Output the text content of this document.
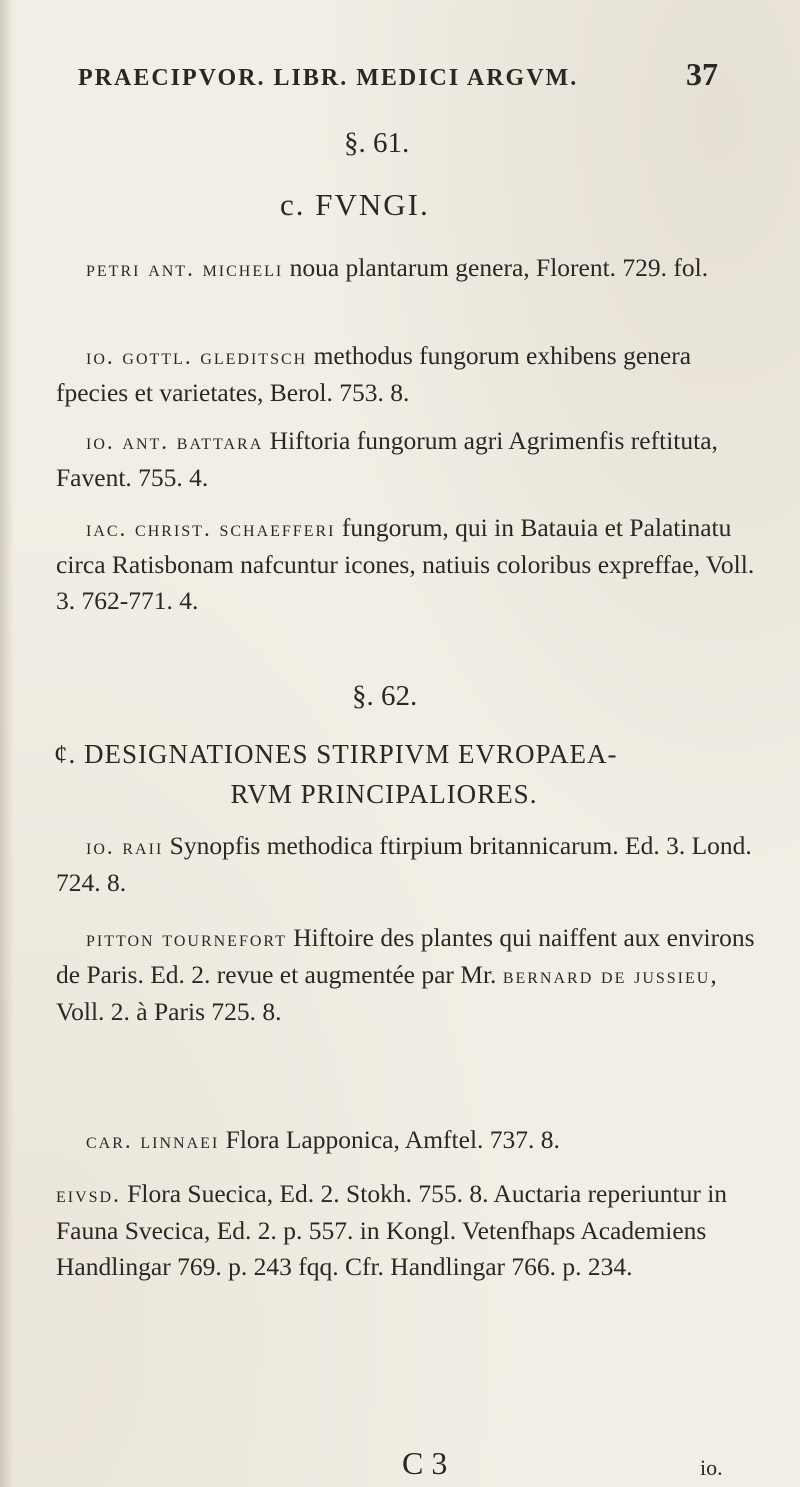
PRAECIPVOR. LIBR. MEDICI ARGVM.	37
§. 61.
c. FVNGI.

petri ant. micheli noua plantarum genera, Florent. 729. fol.

io. gottl. gleditsch methodus fungorum exhibens genera fpecies et varietates, Berol. 753. 8.

io. ant. battara Hiftoria fungorum agri Agrimenfis reftituta, Favent. 755. 4.

iac. christ. schaefferi fungorum, qui in Batauia et Palatinatu circa Ratisbonam nafcuntur icones, natiuis coloribus expreffae, Voll. 3. 762-771. 4.

§. 62.
¢. DESIGNATIONES STIRPIVM EVROPAEA-
RVM PRINCIPALIORES.

io. raii Synopfis methodica ftirpium britannicarum. Ed. 3. Lond. 724. 8.

pitton tournefort Hiftoire des plantes qui naiffent aux environs de Paris. Ed. 2. revue et augmentée par Mr. bernard de jussieu, Voll. 2. à Paris 725. 8.

car. linnaei Flora Lapponica, Amftel. 737. 8.

eivsd. Flora Suecica, Ed. 2. Stokh. 755. 8. Auctaria reperiuntur in Fauna Svecica, Ed. 2. p. 557. in Kongl. Vetenfhaps Academiens Handlingar 769. p. 243 fqq. Cfr. Handlingar 766. p. 234.

C 3	io.
